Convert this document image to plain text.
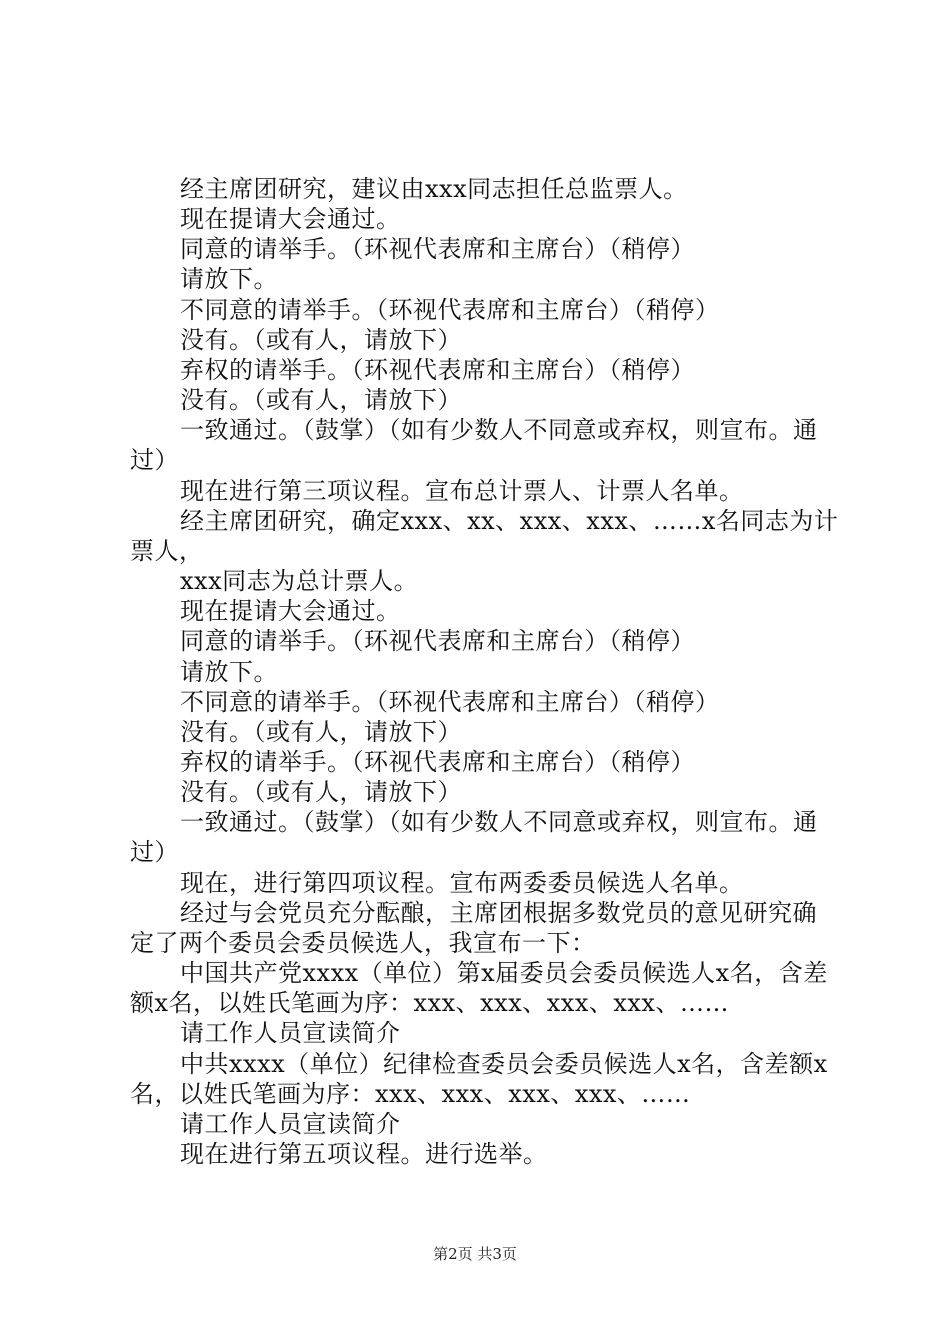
经主席团研究，建议由xxx同志担任总监票人。

现在提请大会通过。

同意的请举手。（环视代表席和主席台）（稍停）

请放下。

不同意的请举手。（环视代表席和主席台）（稍停）

没有。（或有人，请放下）

弃权的请举手。（环视代表席和主席台）（稍停）

没有。（或有人，请放下）

一致通过。（鼓掌）（如有少数人不同意或弃权，则宣布。通过）

现在进行第三项议程。宣布总计票人、计票人名单。

经主席团研究，确定xxx、xx、xxx、xxx、……x名同志为计票人，

xxx同志为总计票人。

现在提请大会通过。

同意的请举手。（环视代表席和主席台）（稍停）

请放下。

不同意的请举手。（环视代表席和主席台）（稍停）

没有。（或有人，请放下）

弃权的请举手。（环视代表席和主席台）（稍停）

没有。（或有人，请放下）

一致通过。（鼓掌）（如有少数人不同意或弃权，则宣布。通过）

现在，进行第四项议程。宣布两委委员候选人名单。

经过与会党员充分酝酿，主席团根据多数党员的意见研究确定了两个委员会委员候选人，我宣布一下：

中国共产党xxxx（单位）第x届委员会委员候选人x名，含差额x名，以姓氏笔画为序：xxx、xxx、xxx、xxx、……

请工作人员宣读简介

中共xxxx（单位）纪律检查委员会委员候选人x名，含差额x名，以姓氏笔画为序：xxx、xxx、xxx、xxx、……

请工作人员宣读简介

现在进行第五项议程。进行选举。

第2页 共3页
